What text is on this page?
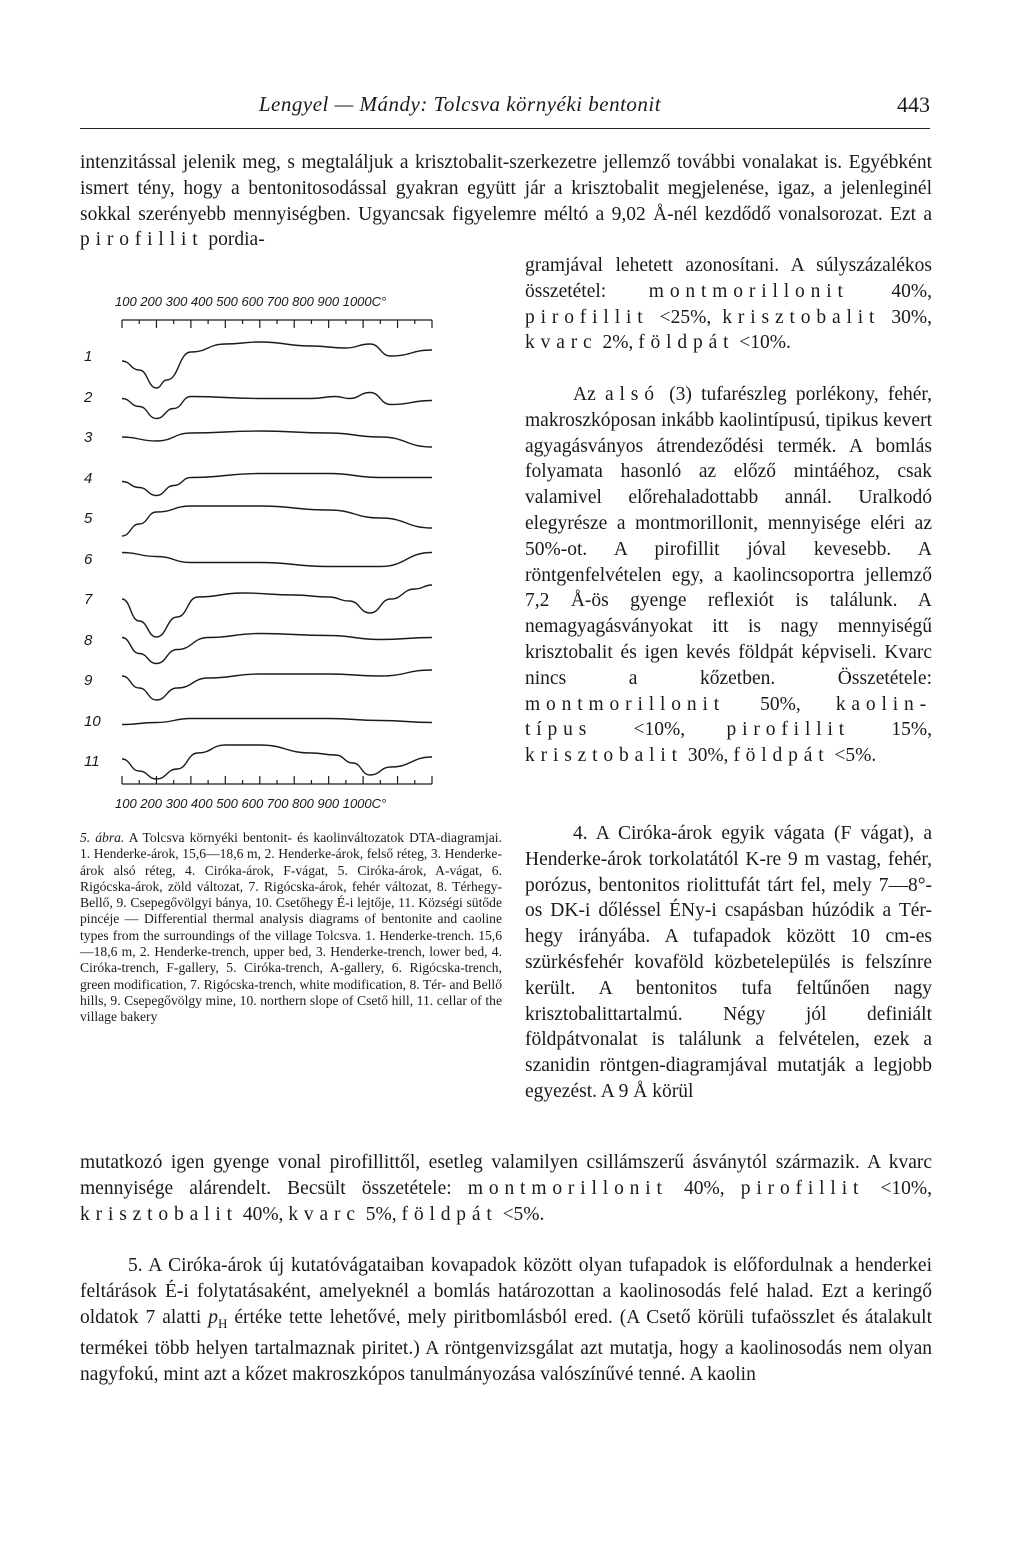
Lengyel — Mándy: Tolcsva környéki bentonit	443

intenzitással jelenik meg, s megtaláljuk a krisztobalit-szerkezetre jellemző további vonalakat is. Egyébként ismert tény, hogy a bentonitosodással gyakran együtt jár a krisztobalit megjelenése, igaz, a jelenleginél sokkal szerényebb mennyiségben. Ugyancsak figyelemre méltó a 9,02 Å-nél kezdődő vonalsorozat. Ezt a pirofillit pordia-

gramjával lehetett azonosítani. A súlyszázalékos összetétel: montmorillonit 40%, pirofillit <25%, krisztobalit 30%, kvarc 2%, földpát <10%.

Az alsó (3) tufarészleg porlékony, fehér, makroszkóposan inkább kaolintípusú, tipikus kevert agyagásványos átrendeződési termék. A bomlás folyamata hasonló az előző mintáéhoz, csak valamivel előrehaladottabb annál. Uralkodó elegyrésze a montmorillonit, mennyisége eléri az 50%-ot. A pirofillit jóval kevesebb. A röntgenfelvételen egy, a kaolincsoportra jellemző 7,2 Å-ös gyenge reflexiót is találunk. A nemagyagásványokat itt is nagy mennyiségű krisztobalit és igen kevés földpát képviseli. Kvarc nincs a kőzetben. Összetétele: montmorillonit 50%, kaolin-típus <10%, pirofillit 15%, krisztobalit 30%, földpát <5%.

4. A Ciróka-árok egyik vágata (F vágat), a Henderke-árok torkolatától K-re 9 m vastag, fehér, porózus, bentonitos riolittufát tárt fel, mely 7—8°-os DK-i dőléssel ÉNy-i csapásban húzódik a Tér-hegy irányába. A tufapadok között 10 cm-es szürkésfehér kovaföld közbetelepülés is felszínre került. A bentonitos tufa feltűnően nagy krisztobalittartalmú. Négy jól definiált földpátvonalat is találunk a felvételen, ezek a szanidin röntgen-diagramjával mutatják a legjobb egyezést. A 9 Å körül

mutatkozó igen gyenge vonal pirofillittől, esetleg valamilyen csillámszerű ásványtól származik. A kvarc mennyisége alárendelt. Becsült összetétele: montmorillonit 40%, pirofillit <10%, krisztobalit 40%, kvarc 5%, földpát <5%.

5. A Ciróka-árok új kutatóvágataiban kovapadok között olyan tufapadok is előfordulnak a henderkei feltárások É-i folytatásaként, amelyeknél a bomlás határozottan a kaolinosodás felé halad. Ezt a keringő oldatok 7 alatti $p_H$ értéke tette lehetővé, mely piritbomlásból ered. (A Csető körüli tufaösszlet és átalakult termékei több helyen tartalmaznak piritet.) A röntgenvizsgálat azt mutatja, hogy a kaolinosodás nem olyan nagyfokú, mint azt a kőzet makroszkópos tanulmányozása valószínűvé tenné. A kaolin

100 200 300 400 500 600 700 800 900 1000C°
1
2
3
4
5
6
7
8
9
10
11
100 200 300 400 500 600 700 800 900 1000C°

5. ábra. A Tolcsva környéki bentonit- és kaolinváltozatok DTA-diagramjai. 1. Henderke-árok, 15,6—18,6 m, 2. Henderke-árok, felső réteg, 3. Henderke-árok alsó réteg, 4. Ciróka-árok, F-vágat, 5. Ciróka-árok, A-vágat, 6. Rigócska-árok, zöld változat, 7. Rigócska-árok, fehér változat, 8. Térhegy-Bellő, 9. Csepegővölgyi bánya, 10. Csetőhegy É-i lejtője, 11. Községi sütőde pincéje — Differential thermal analysis diagrams of bentonite and caoline types from the surroundings of the village Tolcsva. 1. Henderke-trench. 15,6—18,6 m, 2. Henderke-trench, upper bed, 3. Henderke-trench, lower bed, 4. Ciróka-trench, F-gallery, 5. Ciróka-trench, A-gallery, 6. Rigócska-trench, green modification, 7. Rigócska-trench, white modification, 8. Tér- and Bellő hills, 9. Csepegővölgy mine, 10. northern slope of Csető hill, 11. cellar of the village bakery
